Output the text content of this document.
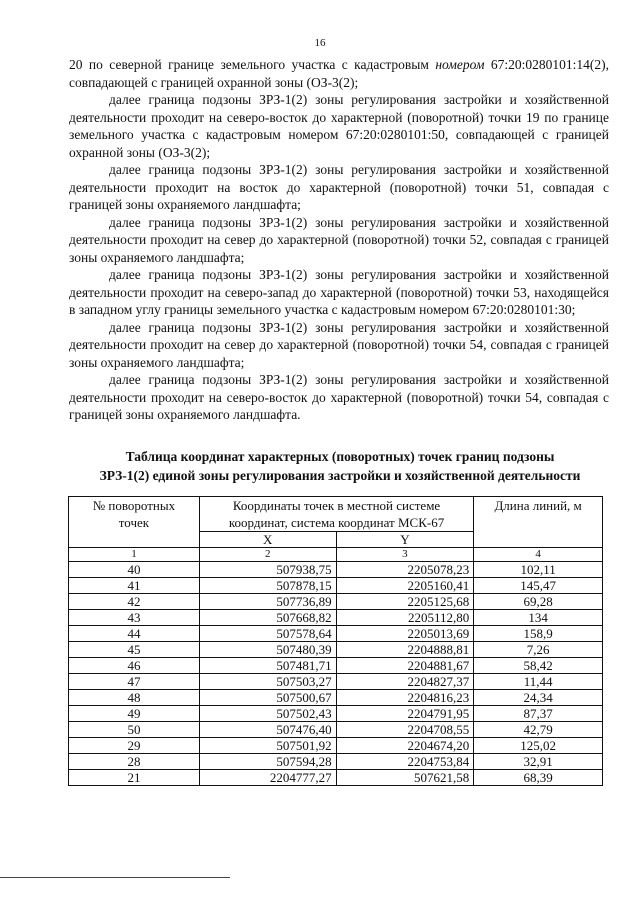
16

20 по северной границе земельного участка с кадастровым номером 67:20:0280101:14(2), совпадающей с границей охранной зоны (ОЗ-3(2);

далее граница подзоны ЗРЗ-1(2) зоны регулирования застройки и хозяйственной деятельности проходит на северо-восток до характерной (поворотной) точки 19 по границе земельного участка с кадастровым номером 67:20:0280101:50, совпадающей с границей охранной зоны (ОЗ-3(2);

далее граница подзоны ЗРЗ-1(2) зоны регулирования застройки и хозяйственной деятельности проходит на восток до характерной (поворотной) точки 51, совпадая с границей зоны охраняемого ландшафта;

далее граница подзоны ЗРЗ-1(2) зоны регулирования застройки и хозяйственной деятельности проходит на север до характерной (поворотной) точки 52, совпадая с границей зоны охраняемого ландшафта;

далее граница подзоны ЗРЗ-1(2) зоны регулирования застройки и хозяйственной деятельности проходит на северо-запад до характерной (поворотной) точки 53, находящейся в западном углу границы земельного участка с кадастровым номером 67:20:0280101:30;

далее граница подзоны ЗРЗ-1(2) зоны регулирования застройки и хозяйственной деятельности проходит на север до характерной (поворотной) точки 54, совпадая с границей зоны охраняемого ландшафта;

далее граница подзоны ЗРЗ-1(2) зоны регулирования застройки и хозяйственной деятельности проходит на северо-восток до характерной (поворотной) точки 54, совпадая с границей зоны охраняемого ландшафта.

Таблица координат характерных (поворотных) точек границ подзоны
ЗРЗ-1(2) единой зоны регулирования застройки и хозяйственной деятельности
№ поворотных точек	Координаты точек в местной системе координат, система координат МСК-67		Длина линий, м
	X	Y	
1	2	3	4
40	507938,75	2205078,23	102,11
41	507878,15	2205160,41	145,47
42	507736,89	2205125,68	69,28
43	507668,82	2205112,80	134
44	507578,64	2205013,69	158,9
45	507480,39	2204888,81	7,26
46	507481,71	2204881,67	58,42
47	507503,27	2204827,37	11,44
48	507500,67	2204816,23	24,34
49	507502,43	2204791,95	87,37
50	507476,40	2204708,55	42,79
29	507501,92	2204674,20	125,02
28	507594,28	2204753,84	32,91
21	2204777,27	507621,58	68,39
